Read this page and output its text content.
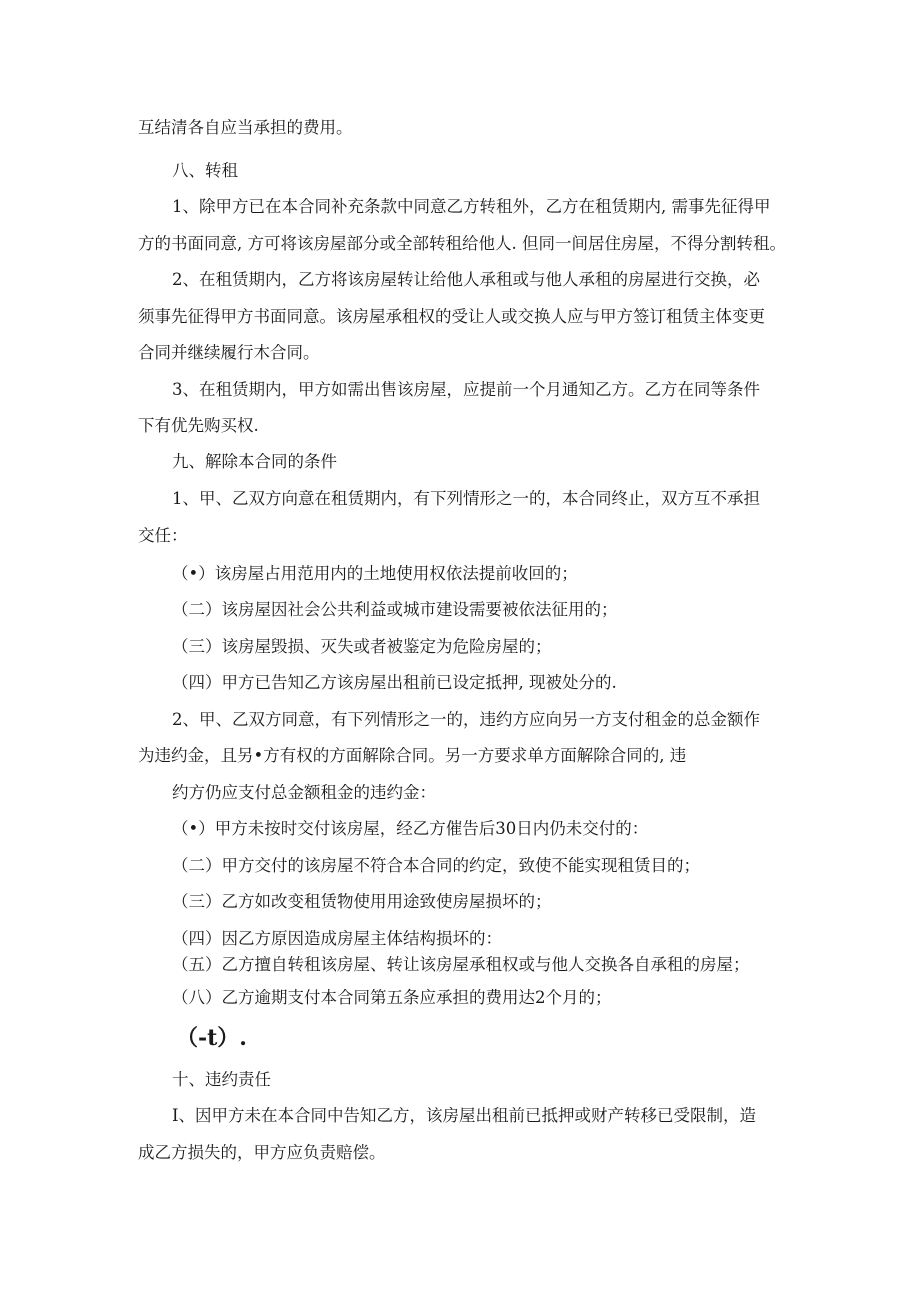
互结清各自应当承担的费用。
八、转租
1、除甲方已在本合同补充条款中同意乙方转租外，乙方在租赁期内, 需事先征得甲
方的书面同意, 方可将该房屋部分或全部转租给他人. 但同一间居住房屋，不得分割转租。
2、在租赁期内，乙方将该房屋转让给他人承租或与他人承租的房屋进行交换，必
须事先征得甲方书面同意。该房屋承租权的受让人或交换人应与甲方签订租赁主体变更
合同并继续履行木合同。
3、在租赁期内，甲方如需出售该房屋，应提前一个月通知乙方。乙方在同等条件
下有优先购买权.
九、解除本合同的条件
1、甲、乙双方向意在租赁期内，有下列情形之一的，本合同终止，双方互不承担
交任：
（•）该房屋占用范用内的土地使用权依法提前收回的；
（二）该房屋因社会公共利益或城市建设需要被依法征用的；
（三）该房屋毁损、灭失或者被鉴定为危险房屋的；
（四）甲方已告知乙方该房屋出租前已设定抵押, 现被处分的.
2、甲、乙双方同意，有下列情形之一的，违约方应向另一方支付租金的总金额作
为违约金，且另•方有权的方面解除合同。另一方要求单方面解除合同的, 违
约方仍应支付总金额租金的违约金：
（•）甲方未按时交付该房屋，经乙方催告后30日内仍未交付的：
（二）甲方交付的该房屋不符合本合同的约定，致使不能实现租赁目的；
（三）乙方如改变租赁物使用用途致使房屋损坏的；
（四）因乙方原因造成房屋主体结构损坏的：
（五）乙方擅自转租该房屋、转让该房屋承租权或与他人交换各自承租的房屋；
（八）乙方逾期支付本合同第五条应承担的费用达2个月的；
（-t）.
十、违约责任
I、因甲方未在本合同中告知乙方，该房屋出租前已抵押或财产转移已受限制，造
成乙方损失的，甲方应负责赔偿。
